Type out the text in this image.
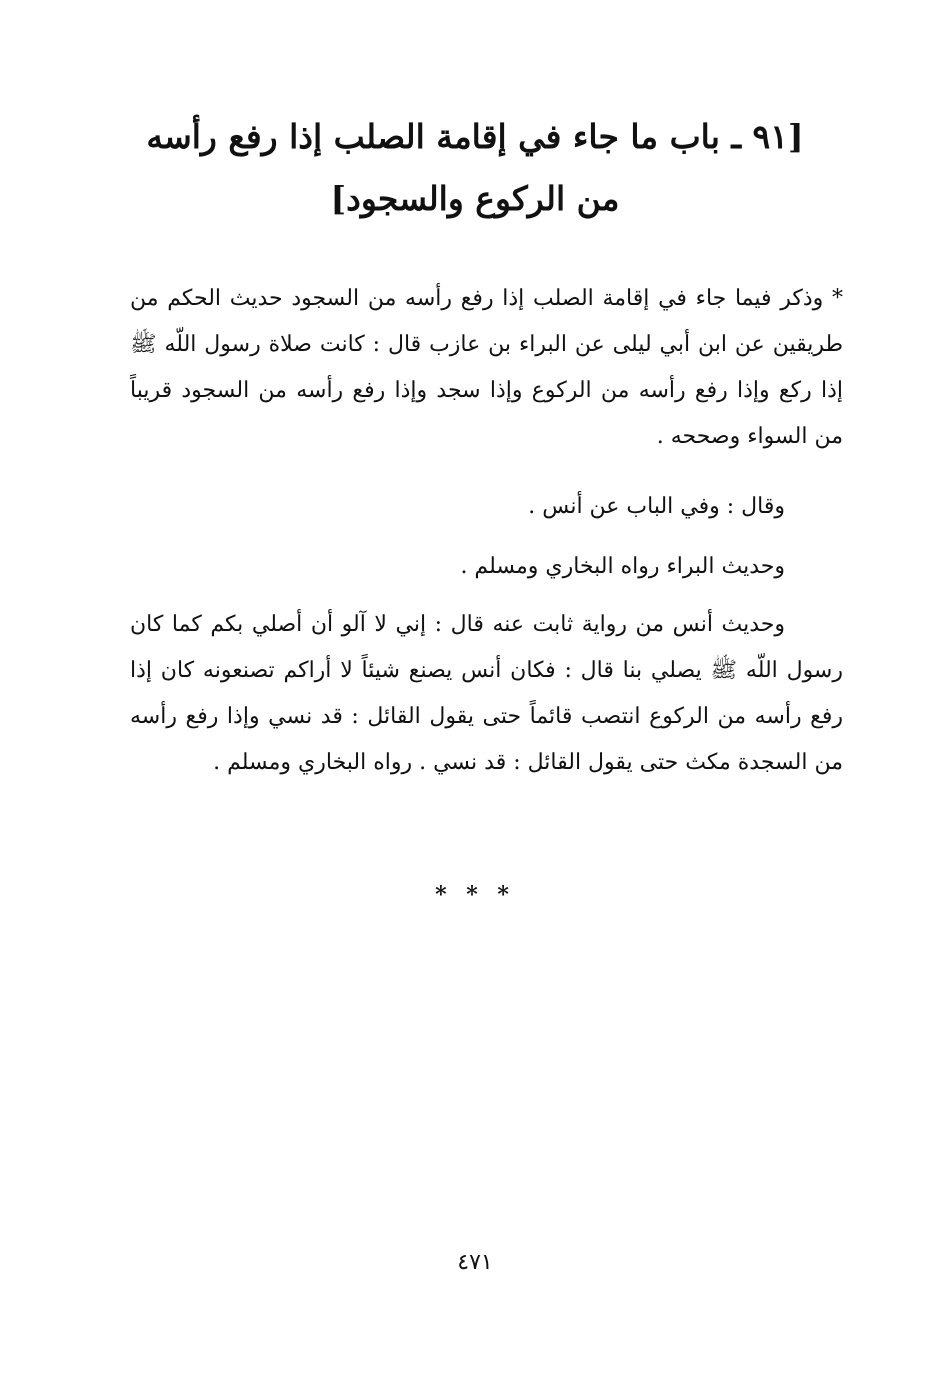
[٩١ ـ باب ما جاء في إقامة الصلب إذا رفع رأسه
من الركوع والسجود]

* وذكر فيما جاء في إقامة الصلب إذا رفع رأسه من السجود حديث الحكم من طريقين عن ابن أبي ليلى عن البراء بن عازب قال : كانت صلاة رسول اللّه ﷺ إذا ركع وإذا رفع رأسه من الركوع وإذا سجد وإذا رفع رأسه من السجود قريباً من السواء وصححه .

وقال : وفي الباب عن أنس .

وحديث البراء رواه البخاري ومسلم .

وحديث أنس من رواية ثابت عنه قال : إني لا آلو أن أصلي بكم كما كان رسول اللّه ﷺ يصلي بنا قال : فكان أنس يصنع شيئاً لا أراكم تصنعونه كان إذا رفع رأسه من الركوع انتصب قائماً حتى يقول القائل : قد نسي وإذا رفع رأسه من السجدة مكث حتى يقول القائل : قد نسي . رواه البخاري ومسلم .

* * *

٤٧١
